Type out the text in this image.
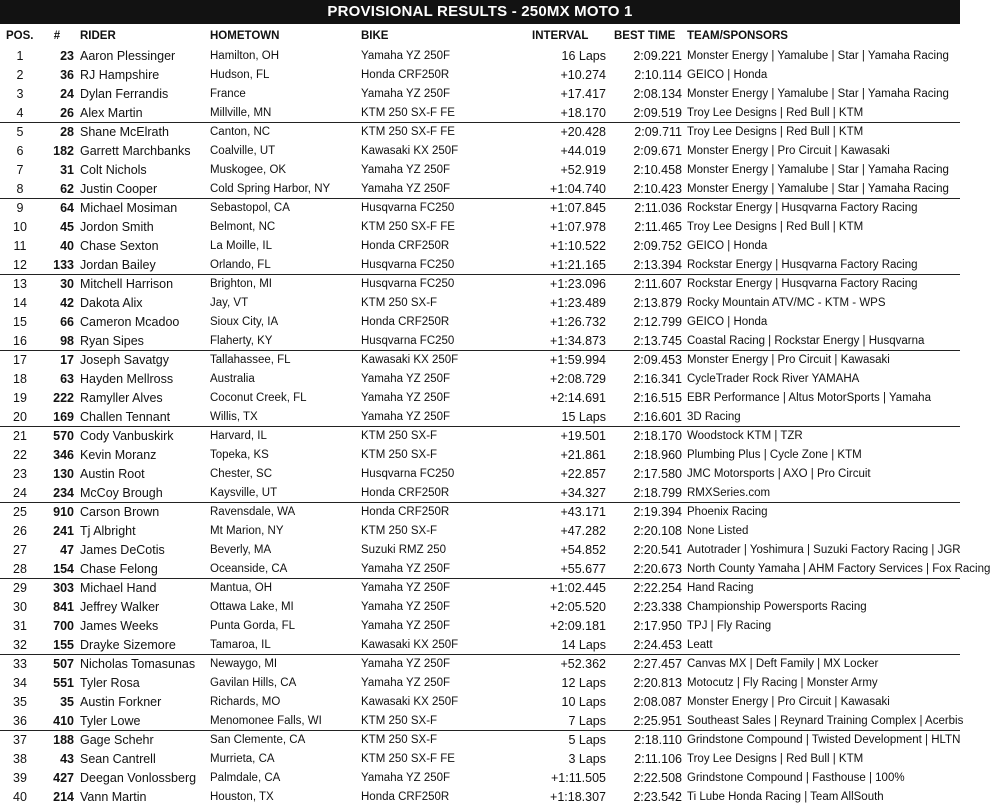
PROVISIONAL RESULTS - 250MX MOTO 1
POS.	#	RIDER	HOMETOWN	BIKE	INTERVAL	BEST TIME	TEAM/SPONSORS
1	23 Aaron Plessinger	Hamilton, OH	Yamaha YZ 250F	16 Laps	2:09.221 Monster Energy | Yamalube | Star | Yamaha Racing
2	36 RJ Hampshire	Hudson, FL	Honda CRF250R	+10.274	2:10.114 GEICO | Honda
3	24 Dylan Ferrandis	France	Yamaha YZ 250F	+17.417	2:08.134 Monster Energy | Yamalube | Star | Yamaha Racing
4	26 Alex Martin	Millville, MN	KTM 250 SX-F FE	+18.170	2:09.519 Troy Lee Designs | Red Bull | KTM
5	28 Shane McElrath	Canton, NC	KTM 250 SX-F FE	+20.428	2:09.711 Troy Lee Designs | Red Bull | KTM
6	182 Garrett Marchbanks	Coalville, UT	Kawasaki KX 250F	+44.019	2:09.671 Monster Energy | Pro Circuit | Kawasaki
7	31 Colt Nichols	Muskogee, OK	Yamaha YZ 250F	+52.919	2:10.458 Monster Energy | Yamalube | Star | Yamaha Racing
8	62 Justin Cooper	Cold Spring Harbor, NY	Yamaha YZ 250F	+1:04.740	2:10.423 Monster Energy | Yamalube | Star | Yamaha Racing
9	64 Michael Mosiman	Sebastopol, CA	Husqvarna FC250	+1:07.845	2:11.036 Rockstar Energy | Husqvarna Factory Racing
10	45 Jordon Smith	Belmont, NC	KTM 250 SX-F FE	+1:07.978	2:11.465 Troy Lee Designs | Red Bull | KTM
11	40 Chase Sexton	La Moille, IL	Honda CRF250R	+1:10.522	2:09.752 GEICO | Honda
12	133 Jordan Bailey	Orlando, FL	Husqvarna FC250	+1:21.165	2:13.394 Rockstar Energy | Husqvarna Factory Racing
13	30 Mitchell Harrison	Brighton, MI	Husqvarna FC250	+1:23.096	2:11.607 Rockstar Energy | Husqvarna Factory Racing
14	42 Dakota Alix	Jay, VT	KTM 250 SX-F	+1:23.489	2:13.879 Rocky Mountain ATV/MC - KTM - WPS
15	66 Cameron Mcadoo	Sioux City, IA	Honda CRF250R	+1:26.732	2:12.799 GEICO | Honda
16	98 Ryan Sipes	Flaherty, KY	Husqvarna FC250	+1:34.873	2:13.745 Coastal Racing | Rockstar Energy | Husqvarna
17	17 Joseph Savatgy	Tallahassee, FL	Kawasaki KX 250F	+1:59.994	2:09.453 Monster Energy | Pro Circuit | Kawasaki
18	63 Hayden Mellross	Australia	Yamaha YZ 250F	+2:08.729	2:16.341 CycleTrader Rock River YAMAHA
19	222 Ramyller Alves	Coconut Creek, FL	Yamaha YZ 250F	+2:14.691	2:16.515 EBR Performance | Altus MotorSports | Yamaha
20	169 Challen Tennant	Willis, TX	Yamaha YZ 250F	15 Laps	2:16.601 3D Racing
21	570 Cody Vanbuskirk	Harvard, IL	KTM 250 SX-F	+19.501	2:18.170 Woodstock KTM | TZR
22	346 Kevin Moranz	Topeka, KS	KTM 250 SX-F	+21.861	2:18.960 Plumbing Plus | Cycle Zone | KTM
23	130 Austin Root	Chester, SC	Husqvarna FC250	+22.857	2:17.580 JMC Motorsports | AXO | Pro Circuit
24	234 McCoy Brough	Kaysville, UT	Honda CRF250R	+34.327	2:18.799 RMXSeries.com
25	910 Carson Brown	Ravensdale, WA	Honda CRF250R	+43.171	2:19.394 Phoenix Racing
26	241 Tj Albright	Mt Marion, NY	KTM 250 SX-F	+47.282	2:20.108 None Listed
27	47 James DeCotis	Beverly, MA	Suzuki RMZ 250	+54.852	2:20.541 Autotrader | Yoshimura | Suzuki Factory Racing | JGR
28	154 Chase Felong	Oceanside, CA	Yamaha YZ 250F	+55.677	2:20.673 North County Yamaha | AHM Factory Services | Fox Racing
29	303 Michael Hand	Mantua, OH	Yamaha YZ 250F	+1:02.445	2:22.254 Hand Racing
30	841 Jeffrey Walker	Ottawa Lake, MI	Yamaha YZ 250F	+2:05.520	2:23.338 Championship Powersports Racing
31	700 James Weeks	Punta Gorda, FL	Yamaha YZ 250F	+2:09.181	2:17.950 TPJ | Fly Racing
32	155 Drayke Sizemore	Tamaroa, IL	Kawasaki KX 250F	14 Laps	2:24.453 Leatt
33	507 Nicholas Tomasunas	Newaygo, MI	Yamaha YZ 250F	+52.362	2:27.457 Canvas MX | Deft Family | MX Locker
34	551 Tyler Rosa	Gavilan Hills, CA	Yamaha YZ 250F	12 Laps	2:20.813 Motocutz | Fly Racing | Monster Army
35	35 Austin Forkner	Richards, MO	Kawasaki KX 250F	10 Laps	2:08.087 Monster Energy | Pro Circuit | Kawasaki
36	410 Tyler Lowe	Menomonee Falls, WI	KTM 250 SX-F	7 Laps	2:25.951 Southeast Sales | Reynard Training Complex | Acerbis
37	188 Gage Schehr	San Clemente, CA	KTM 250 SX-F	5 Laps	2:18.110 Grindstone Compound | Twisted Development | HLTN
38	43 Sean Cantrell	Murrieta, CA	KTM 250 SX-F FE	3 Laps	2:11.106 Troy Lee Designs | Red Bull | KTM
39	427 Deegan Vonlossberg	Palmdale, CA	Yamaha YZ 250F	+1:11.505	2:22.508 Grindstone Compound | Fasthouse | 100%
40	214 Vann Martin	Houston, TX	Honda CRF250R	+1:18.307	2:23.542 Ti Lube Honda Racing | Team AllSouth
